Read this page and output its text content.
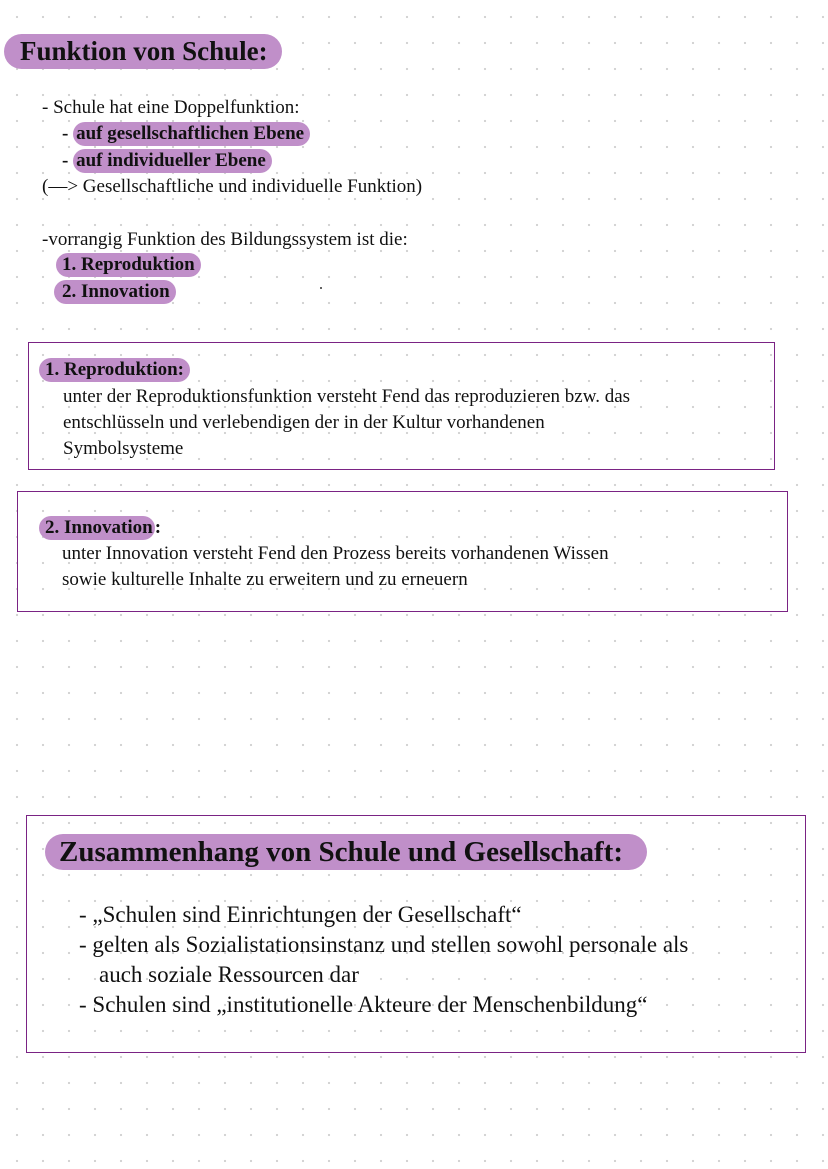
Funktion von Schule:
- Schule hat eine Doppelfunktion:
- auf gesellschaftlichen Ebene
- auf individueller Ebene
(—> Gesellschaftliche und individuelle Funktion)
-vorrangig Funktion des Bildungssystem ist die:
1. Reproduktion
2. Innovation
1. Reproduktion:
unter der Reproduktionsfunktion versteht Fend das reproduzieren bzw. das
entschlüsseln und verlebendigen der in der Kultur vorhandenen
Symbolsysteme
2. Innovation :
unter Innovation versteht Fend den Prozess bereits vorhandenen Wissen
sowie kulturelle Inhalte zu erweitern und zu erneuern
Zusammenhang von Schule und Gesellschaft:
- „Schulen sind Einrichtungen der Gesellschaft“
- gelten als Sozialistationsinstanz und stellen sowohl personale als
auch soziale Ressourcen dar
- Schulen sind „institutionelle Akteure der Menschenbildung“
